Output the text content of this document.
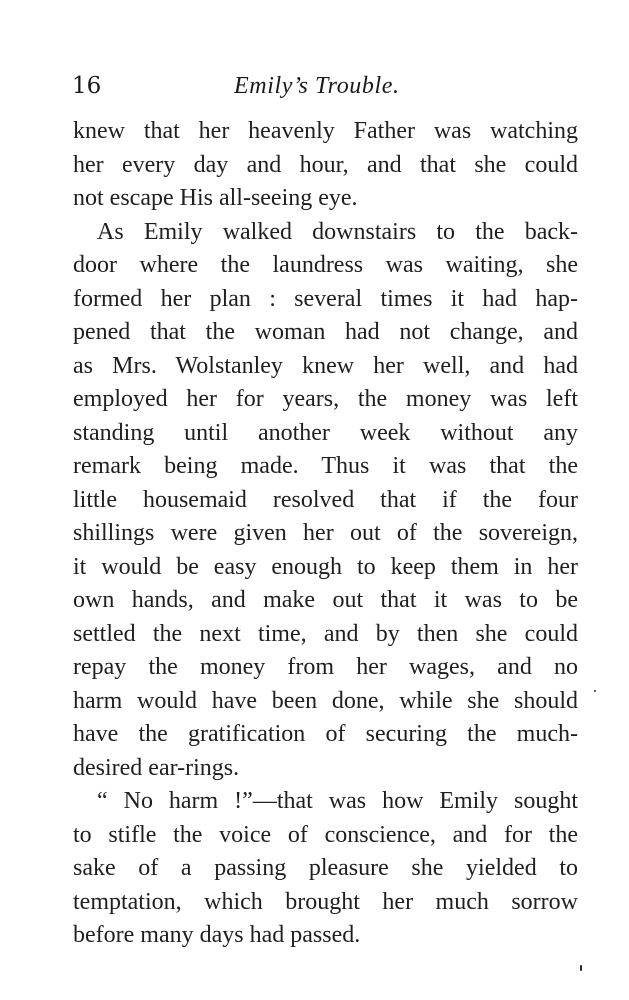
16	Emily’s Trouble.
knew that her heavenly Father was watching
her every day and hour, and that she could
not escape His all-seeing eye.
As Emily walked downstairs to the back-
door where the laundress was waiting, she
formed her plan : several times it had hap-
pened that the woman had not change, and
as Mrs. Wolstanley knew her well, and had
employed her for years, the money was left
standing until another week without any
remark being made. Thus it was that the
little housemaid resolved that if the four
shillings were given her out of the sovereign,
it would be easy enough to keep them in her
own hands, and make out that it was to be
settled the next time, and by then she could
repay the money from her wages, and no
harm would have been done, while she should
have the gratification of securing the much-
desired ear-rings.
“ No harm !”—that was how Emily sought
to stifle the voice of conscience, and for the
sake of a passing pleasure she yielded to
temptation, which brought her much sorrow
before many days had passed.
